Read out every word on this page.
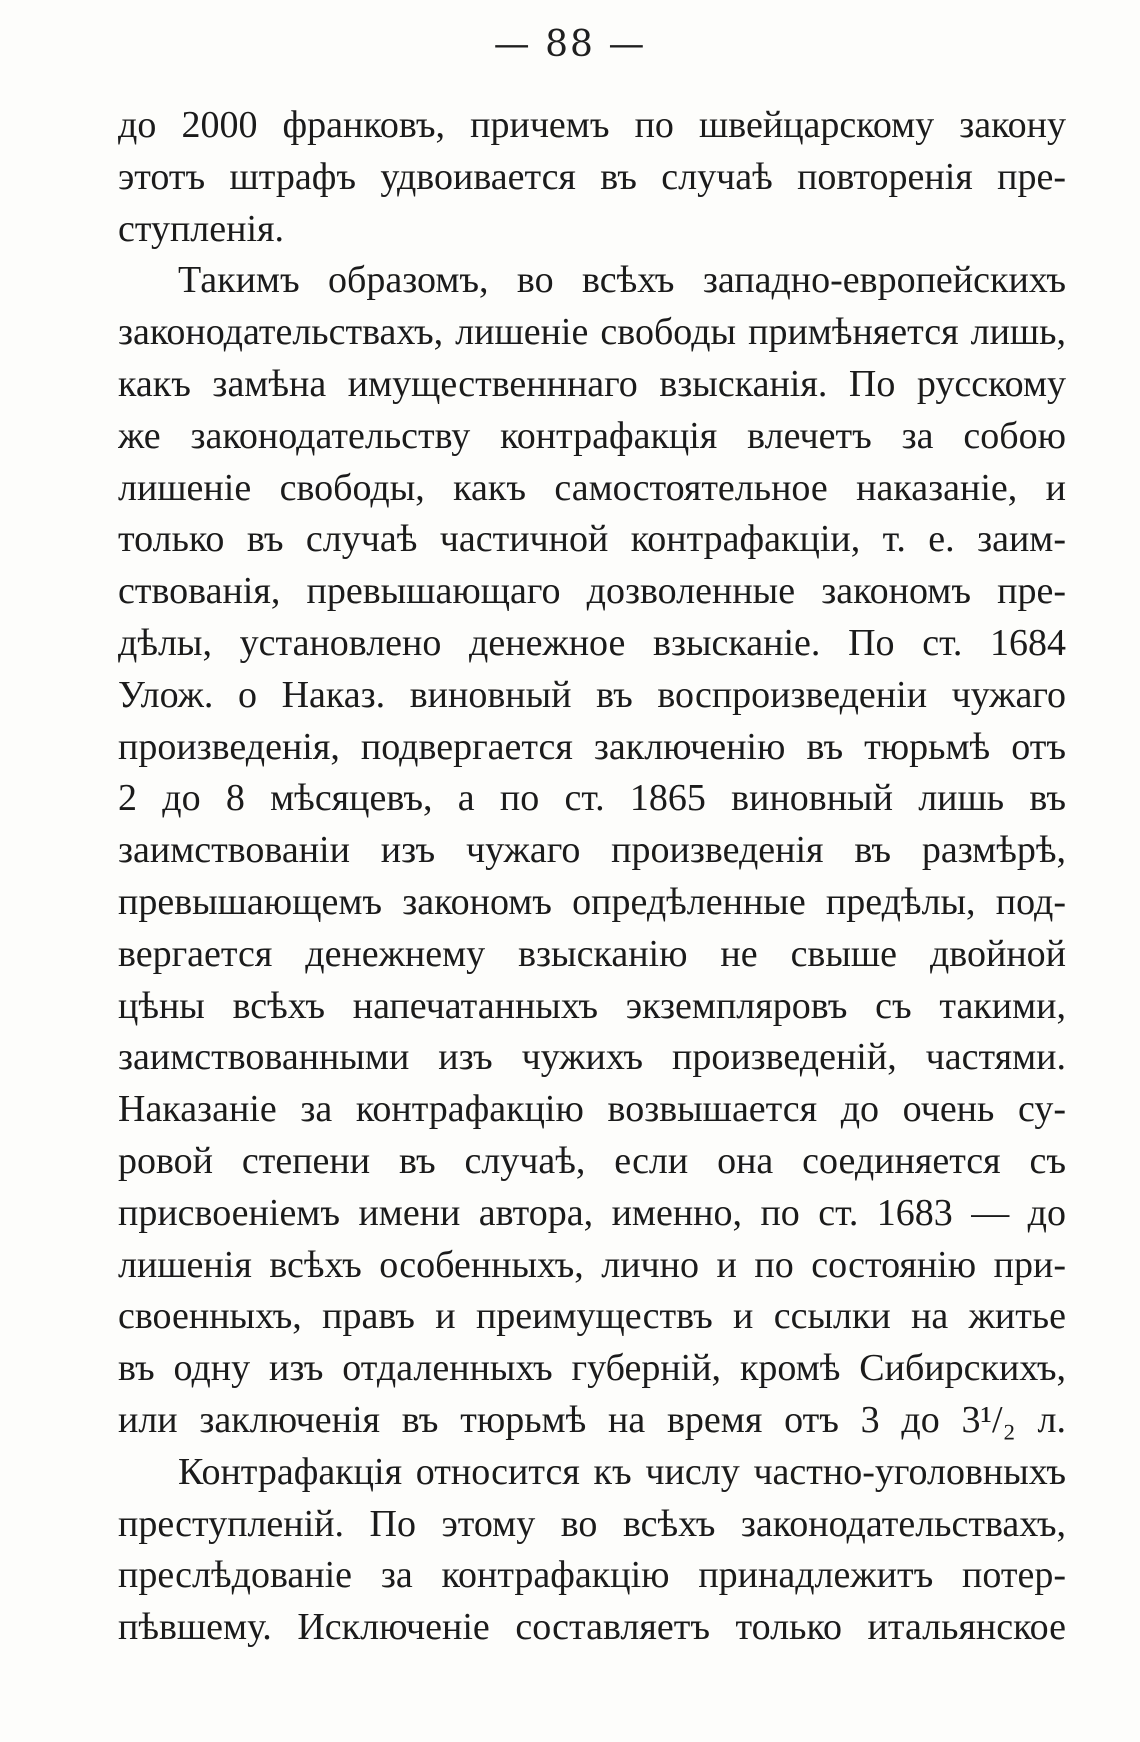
— 88 —
до 2000 франковъ, причемъ по швейцарскому закону
этотъ штрафъ удвоивается въ случаѣ повторенія пре-
ступленія.
Такимъ образомъ, во всѣхъ западно-европейскихъ
законодательствахъ, лишеніе свободы примѣняется лишь,
какъ замѣна имущественннаго взысканія. По русскому
же законодательству контрафакція влечетъ за собою
лишеніе свободы, какъ самостоятельное наказаніе, и
только въ случаѣ частичной контрафакціи, т. е. заим-
ствованія, превышающаго дозволенные закономъ пре-
дѣлы, установлено денежное взысканіе. По ст. 1684
Улож. о Наказ. виновный въ воспроизведеніи чужаго
произведенія, подвергается заключенію въ тюрьмѣ отъ
2 до 8 мѣсяцевъ, а по ст. 1865 виновный лишь въ
заимствованіи изъ чужаго произведенія въ размѣрѣ,
превышающемъ закономъ опредѣленные предѣлы, под-
вергается денежнему взысканію не свыше двойной
цѣны всѣхъ напечатанныхъ экземпляровъ съ такими,
заимствованными изъ чужихъ произведеній, частями.
Наказаніе за контрафакцію возвышается до очень су-
ровой степени въ случаѣ, если она соединяется съ
присвоеніемъ имени автора, именно, по ст. 1683 — до
лишенія всѣхъ особенныхъ, лично и по состоянію при-
своенныхъ, правъ и преимуществъ и ссылки на житье
въ одну изъ отдаленныхъ губерній, кромѣ Сибирскихъ,
или заключенія въ тюрьмѣ на время отъ 3 до 3¹/₂ л.
Контрафакція относится къ числу частно-уголовныхъ
преступленій. По этому во всѣхъ законодательствахъ,
преслѣдованіе за контрафакцію принадлежитъ потер-
пѣвшему. Исключеніе составляетъ только итальянское
